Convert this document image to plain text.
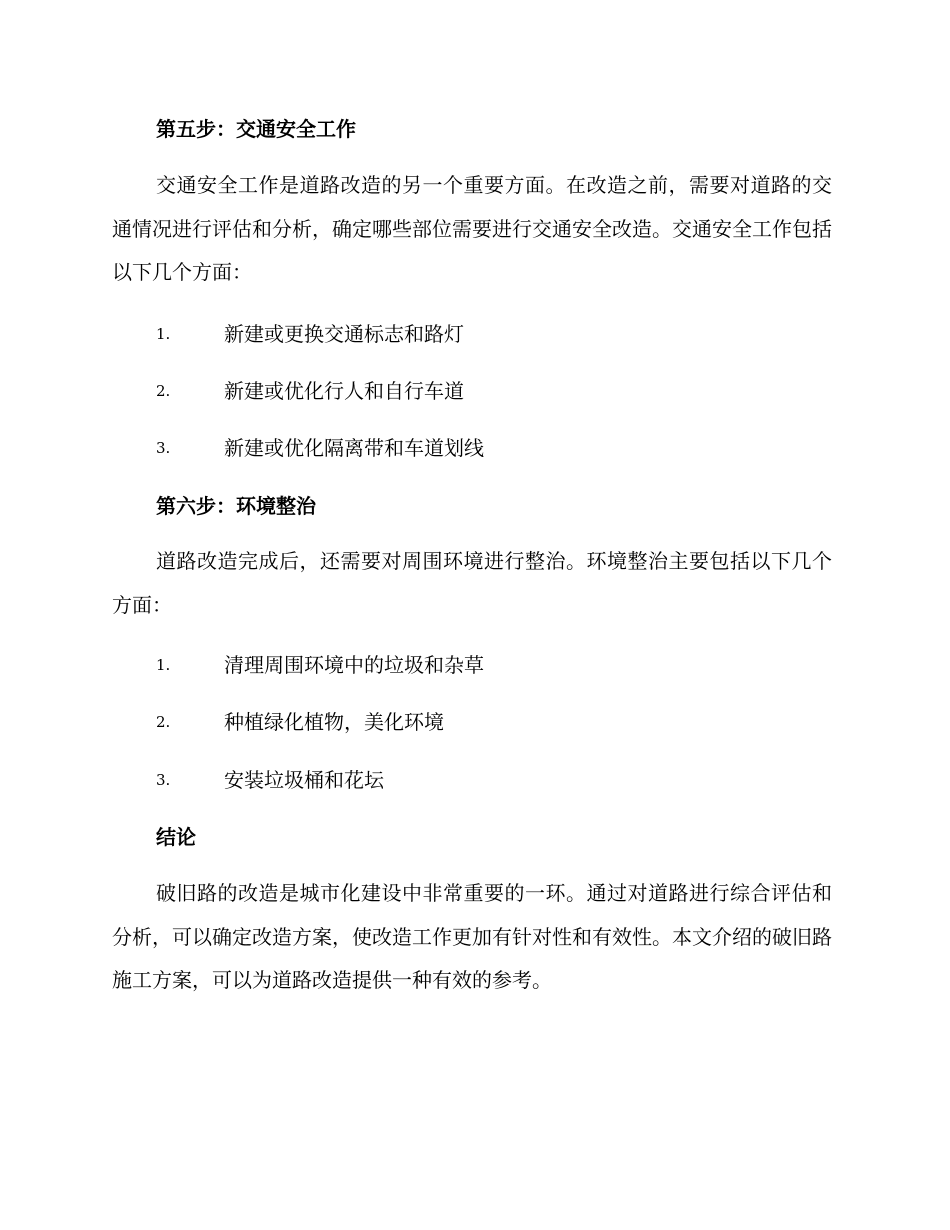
第五步：交通安全工作

交通安全工作是道路改造的另一个重要方面。在改造之前，需要对道路的交通情况进行评估和分析，确定哪些部位需要进行交通安全改造。交通安全工作包括以下几个方面：

1.	新建或更换交通标志和路灯
2.	新建或优化行人和自行车道
3.	新建或优化隔离带和车道划线
第六步：环境整治

道路改造完成后，还需要对周围环境进行整治。环境整治主要包括以下几个方面：

1.	清理周围环境中的垃圾和杂草
2.	种植绿化植物，美化环境
3.	安装垃圾桶和花坛
结论

破旧路的改造是城市化建设中非常重要的一环。通过对道路进行综合评估和分析，可以确定改造方案，使改造工作更加有针对性和有效性。本文介绍的破旧路施工方案，可以为道路改造提供一种有效的参考。
